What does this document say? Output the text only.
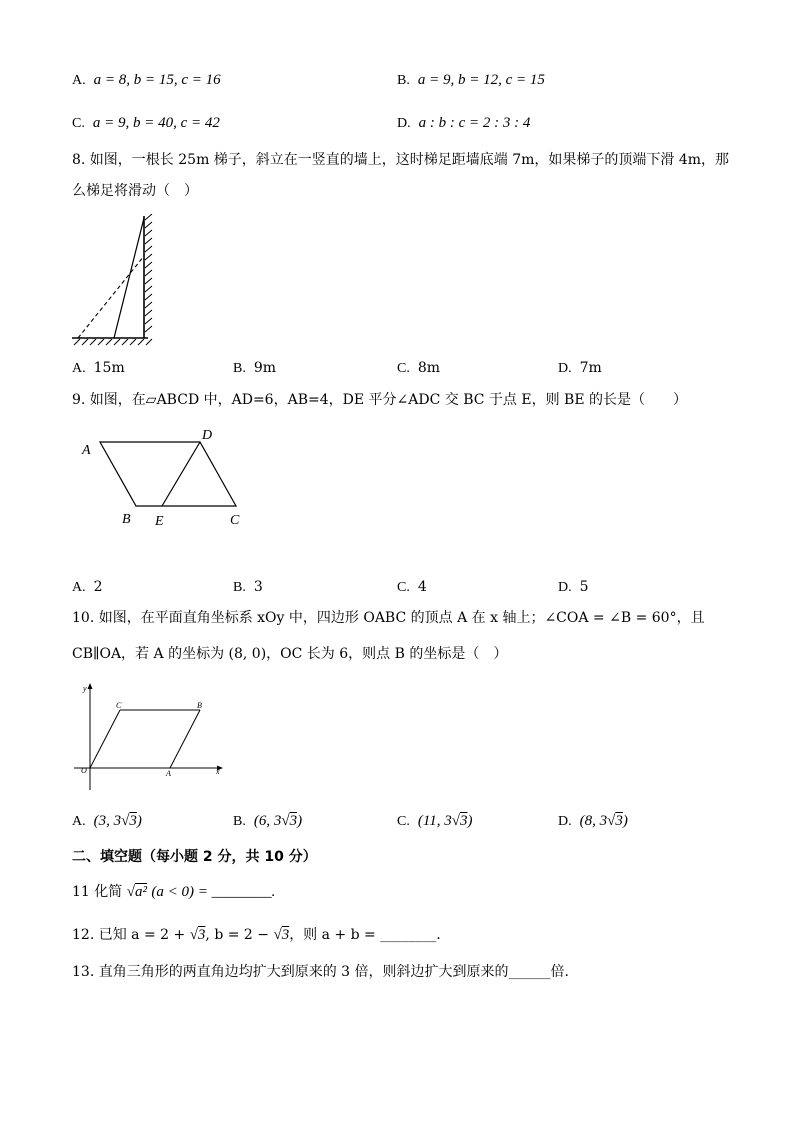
A. a = 8, b = 15, c = 16	B. a = 9, b = 12, c = 15
C. a = 9, b = 40, c = 42	D. a : b : c = 2 : 3 : 4
8. 如图，一根长 25m 梯子，斜立在一竖直的墙上，这时梯足距墙底端 7m，如果梯子的顶端下滑 4m，那
么梯足将滑动（　）
A. 15m	B. 9m	C. 8m	D. 7m
9. 如图，在▱ABCD 中，AD=6，AB=4，DE 平分∠ADC 交 BC 于点 E，则 BE 的长是（　　）
A
D
B E	C
A. 2	B. 3	C. 4	D. 5
10. 如图，在平面直角坐标系 xOy 中，四边形 OABC 的顶点 A 在 x 轴上；∠COA = ∠B = 60°，且
CB∥OA，若 A 的坐标为 (8, 0)，OC 长为 6，则点 B 的坐标是（　）
y
C	B
O	A	x
A. (3, 3√3)	B. (6, 3√3)	C. (11, 3√3)	D. (8, 3√3)
二、填空题（每小题 2 分，共 10 分）
11 化简 √a² (a < 0) = ________.
12. 已知 a = 2 + √3, b = 2 − √3，则 a + b = ________.
13. 直角三角形的两直角边均扩大到原来的 3 倍，则斜边扩大到原来的______倍.
